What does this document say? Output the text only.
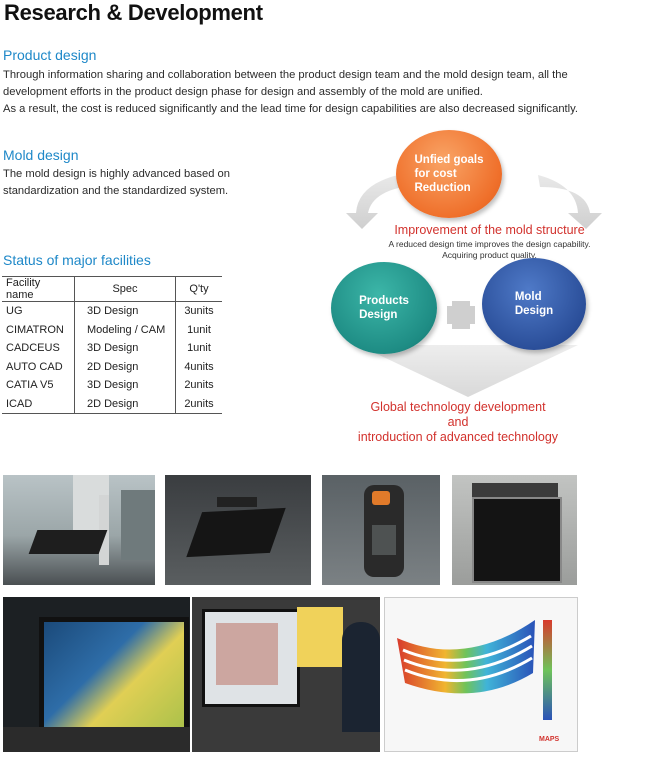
Research & Development
Product design
Through information sharing and collaboration between the product design team and the mold design team, all the
development efforts in the product design phase for design and assembly of the mold are unified.
As a result, the cost is reduced significantly and the lead time for design capabilities are also decreased significantly.
Mold design
The mold design is highly advanced based on
standardization and the standardized system.
Status of major facilities
Facility name	Spec	Q'ty
UG	3D Design	3units
CIMATRON	Modeling / CAM	1unit
CADCEUS	3D Design	1unit
AUTO CAD	2D Design	4units
CATIA V5	3D Design	2units
ICAD	2D Design	2units
Unfied goals
for cost
Reduction
Improvement of the mold structure
A reduced design time improves the design capability.
Acquiring product quality.
Products
Design
Mold
Design
Global technology development
and
introduction of advanced technology
MAPS
